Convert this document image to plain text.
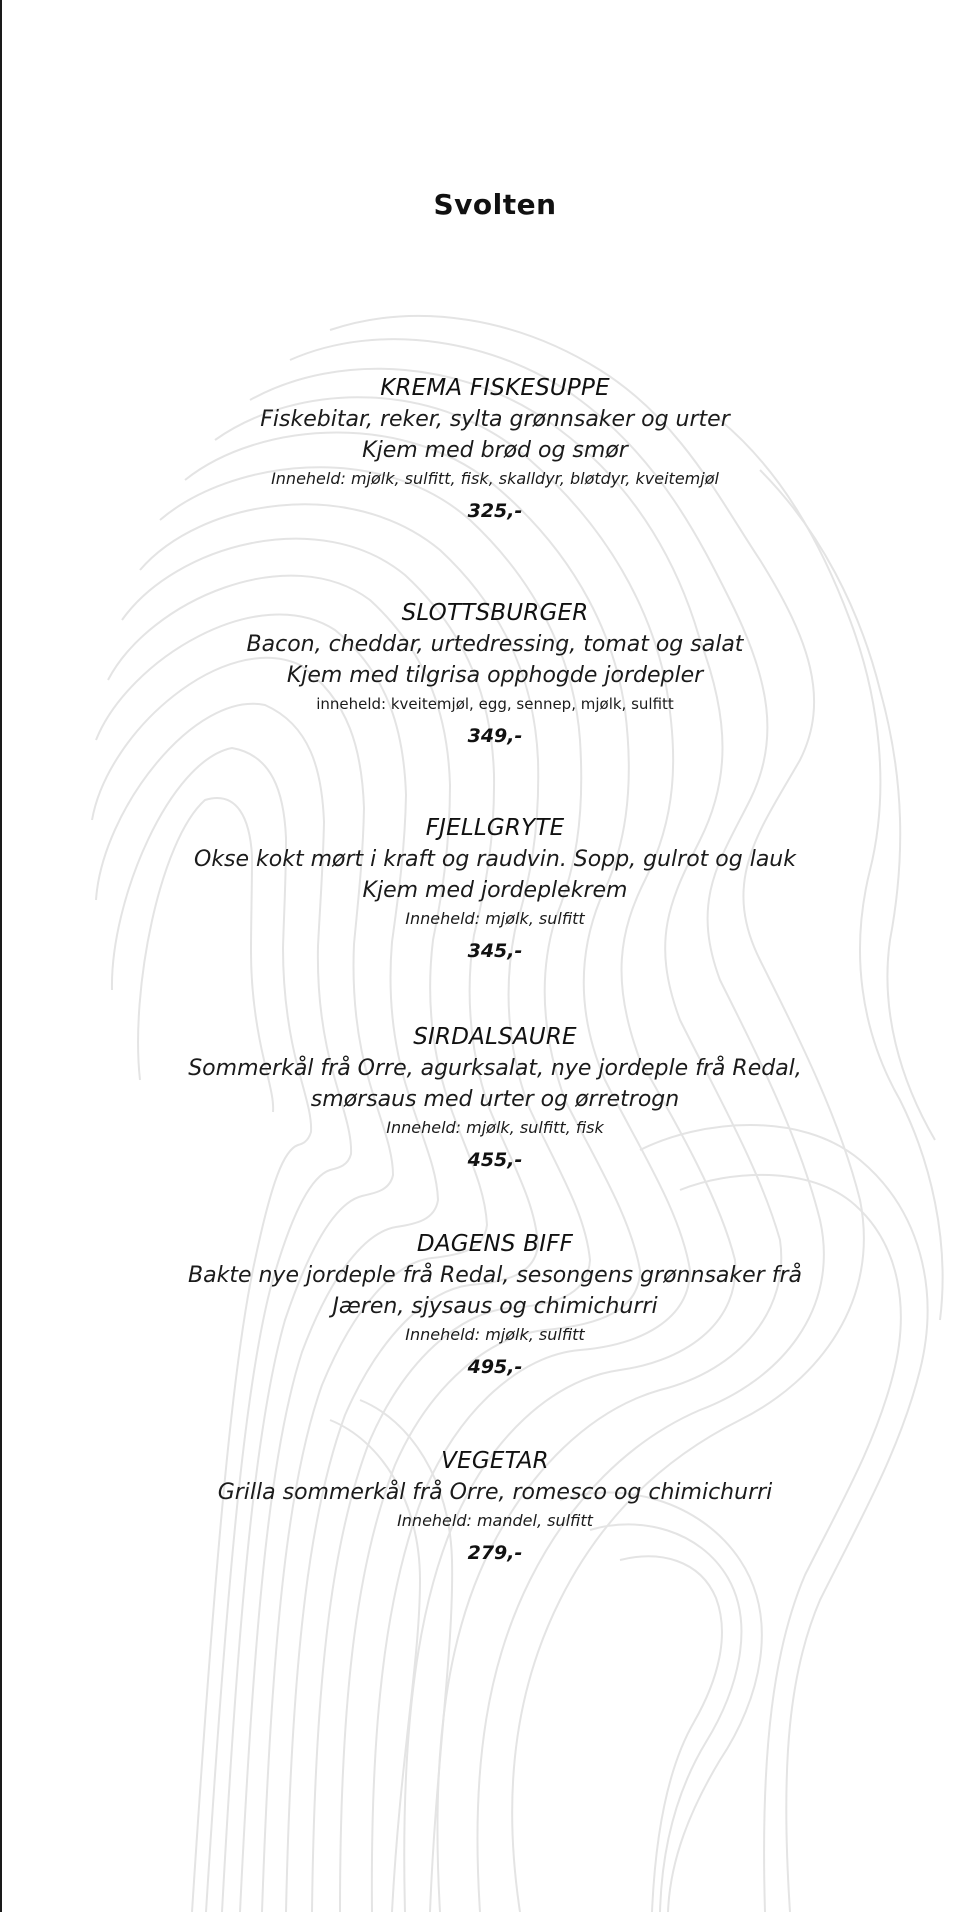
Svolten
KREMA FISKESUPPE
Fiskebitar, reker, sylta grønnsaker og urter
Kjem med brød og smør
Inneheld: mjølk, sulfitt, fisk, skalldyr, bløtdyr, kveitemjøl
325,-
SLOTTSBURGER
Bacon, cheddar, urtedressing, tomat og salat
Kjem med tilgrisa opphogde jordepler
inneheld: kveitemjøl, egg, sennep, mjølk, sulfitt
349,-
FJELLGRYTE
Okse kokt mørt i kraft og raudvin. Sopp, gulrot og lauk
Kjem med jordeplekrem
Inneheld: mjølk, sulfitt
345,-
SIRDALSAURE
Sommerkål frå Orre, agurksalat, nye jordeple frå Redal,
smørsaus med urter og ørretrogn
Inneheld: mjølk, sulfitt, fisk
455,-
DAGENS BIFF
Bakte nye jordeple frå Redal, sesongens grønnsaker frå
Jæren, sjysaus og chimichurri
Inneheld: mjølk, sulfitt
495,-
VEGETAR
Grilla sommerkål frå Orre, romesco og chimichurri
Inneheld: mandel, sulfitt
279,-
